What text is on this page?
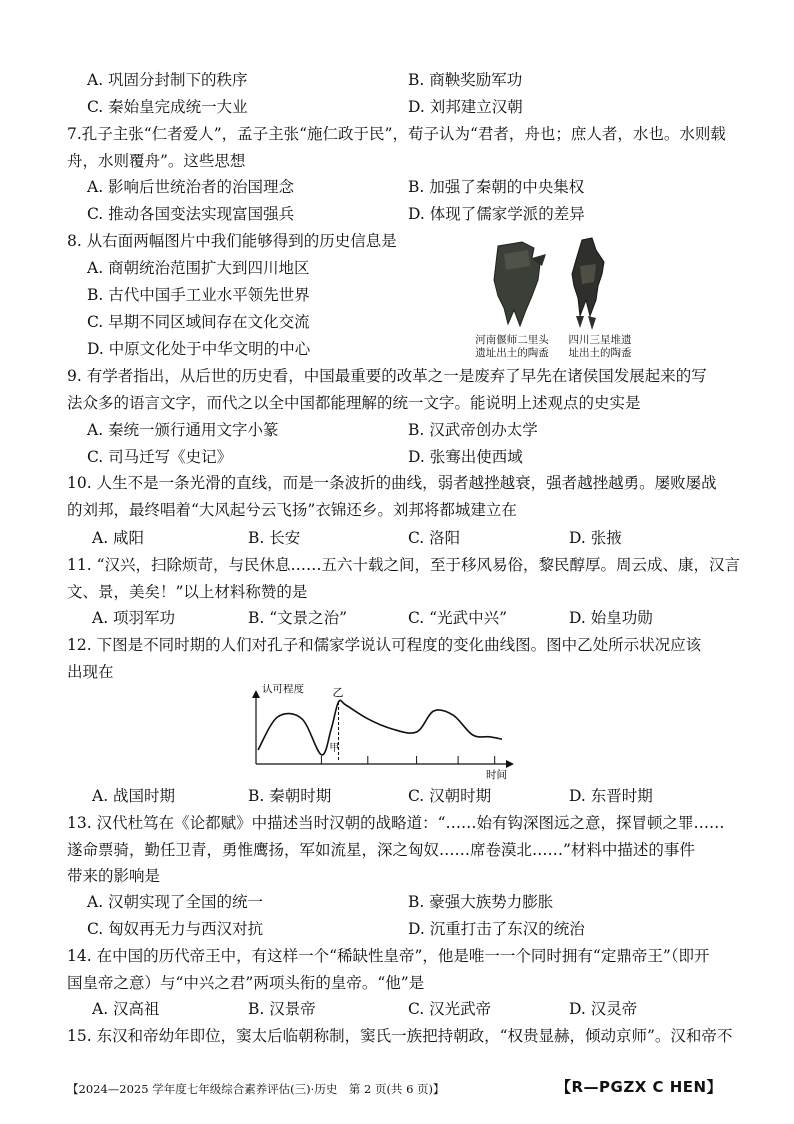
A. 巩固分封制下的秩序	B. 商鞅奖励军功
C. 秦始皇完成统一大业	D. 刘邦建立汉朝
7.孔子主张“仁者爱人”，孟子主张“施仁政于民”，荀子认为“君者，舟也；庶人者，水也。水则载
舟，水则覆舟”。这些思想
A. 影响后世统治者的治国理念	B. 加强了秦朝的中央集权
C. 推动各国变法实现富国强兵	D. 体现了儒家学派的差异
8. 从右面两幅图片中我们能够得到的历史信息是
A. 商朝统治范围扩大到四川地区
B. 古代中国手工业水平领先世界
C. 早期不同区域间存在文化交流
D. 中原文化处于中华文明的中心	河南偃师二里头
遗址出土的陶盉
四川三星堆遗
址出土的陶盉
9. 有学者指出，从后世的历史看，中国最重要的改革之一是废弃了早先在诸侯国发展起来的写
法众多的语言文字，而代之以全中国都能理解的统一文字。能说明上述观点的史实是
A. 秦统一颁行通用文字小篆	B. 汉武帝创办太学
C. 司马迁写《史记》	D. 张骞出使西域
10. 人生不是一条光滑的直线，而是一条波折的曲线，弱者越挫越衰，强者越挫越勇。屡败屡战
的刘邦，最终唱着“大风起兮云飞扬”衣锦还乡。刘邦将都城建立在
A. 咸阳	B. 长安	C. 洛阳	D. 张掖
11. “汉兴，扫除烦苛，与民休息……五六十载之间，至于移风易俗，黎民醇厚。周云成、康，汉言
文、景，美矣！”以上材料称赞的是
A. 项羽军功	B. “文景之治”	C. “光武中兴”	D. 始皇功勋
12. 下图是不同时期的人们对孔子和儒家学说认可程度的变化曲线图。图中乙处所示状况应该
出现在
认可程度
时间
甲
乙
A. 战国时期	B. 秦朝时期	C. 汉朝时期	D. 东晋时期
13. 汉代杜笃在《论都赋》中描述当时汉朝的战略道：“……始有钩深图远之意，探冒顿之罪……
遂命票骑，勤任卫青，勇惟鹰扬，军如流星，深之匈奴……席卷漠北……”材料中描述的事件
带来的影响是
A. 汉朝实现了全国的统一	B. 豪强大族势力膨胀
C. 匈奴再无力与西汉对抗	D. 沉重打击了东汉的统治
14. 在中国的历代帝王中，有这样一个“稀缺性皇帝”，他是唯一一个同时拥有“定鼎帝王”（即开
国皇帝之意）与“中兴之君”两项头衔的皇帝。“他”是
A. 汉高祖	B. 汉景帝	C. 汉光武帝	D. 汉灵帝
15. 东汉和帝幼年即位，窦太后临朝称制，窦氏一族把持朝政，“权贵显赫，倾动京师”。汉和帝不
【2024—2025 学年度七年级综合素养评估(三)·历史　第 2 页(共 6 页)】	【R—PGZX C HEN】
